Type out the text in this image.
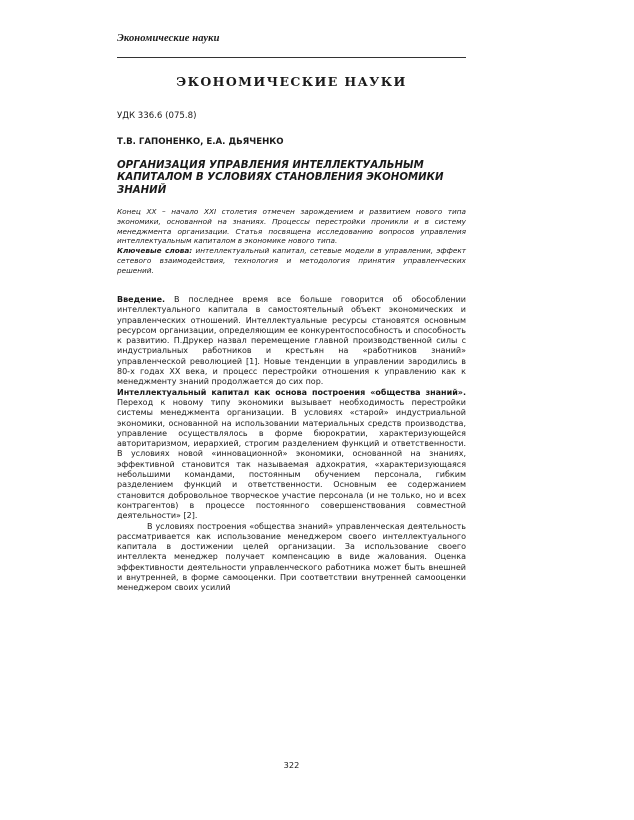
Экономические науки
ЭКОНОМИЧЕСКИЕ НАУКИ
УДК 336.6 (075.8)
Т.В. ГАПОНЕНКО, Е.А. ДЬЯЧЕНКО
ОРГАНИЗАЦИЯ УПРАВЛЕНИЯ ИНТЕЛЛЕКТУАЛЬНЫМ КАПИТАЛОМ В УСЛОВИЯХ СТАНОВЛЕНИЯ ЭКОНОМИКИ ЗНАНИЙ
Конец ХХ – начало XXI столетия отмечен зарождением и развитием нового типа экономики, основанной на знаниях. Процессы перестройки проникли и в систему менеджмента организации. Статья посвящена исследованию вопросов управления интеллектуальным капиталом в экономике нового типа.
Ключевые слова: интеллектуальный капитал, сетевые модели в управлении, эффект сетевого взаимодействия, технология и методология принятия управленческих решений.

Введение. В последнее время все больше говорится об обособлении интеллектуального капитала в самостоятельный объект экономических и управленческих отношений. Интеллектуальные ресурсы становятся основным ресурсом организации, определяющим ее конкурентоспособность и способность к развитию. П.Друкер назвал перемещение главной производственной силы с индустриальных работников и крестьян на «работников знаний» управленческой революцией [1]. Новые тенденции в управлении зародились в 80-х годах ХХ века, и процесс перестройки отношения к управлению как к менеджменту знаний продолжается до сих пор.

Интеллектуальный капитал как основа построения «общества знаний». Переход к новому типу экономики вызывает необходимость перестройки системы менеджмента организации. В условиях «старой» индустриальной экономики, основанной на использовании материальных средств производства, управление осуществлялось в форме бюрократии, характеризующейся авторитаризмом, иерархией, строгим разделением функций и ответственности. В условиях новой «инновационной» экономики, основанной на знаниях, эффективной становится так называемая адхократия, «характеризующаяся небольшими командами, постоянным обучением персонала, гибким разделением функций и ответственности. Основным ее содержанием становится добровольное творческое участие персонала (и не только, но и всех контрагентов) в процессе постоянного совершенствования совместной деятельности» [2].

В условиях построения «общества знаний» управленческая деятельность рассматривается как использование менеджером своего интеллектуального капитала в достижении целей организации. За использование своего интеллекта менеджер получает компенсацию в виде жалования. Оценка эффективности деятельности управленческого работника может быть внешней и внутренней, в форме самооценки. При соответствии внутренней самооценки менеджером своих усилий

322
